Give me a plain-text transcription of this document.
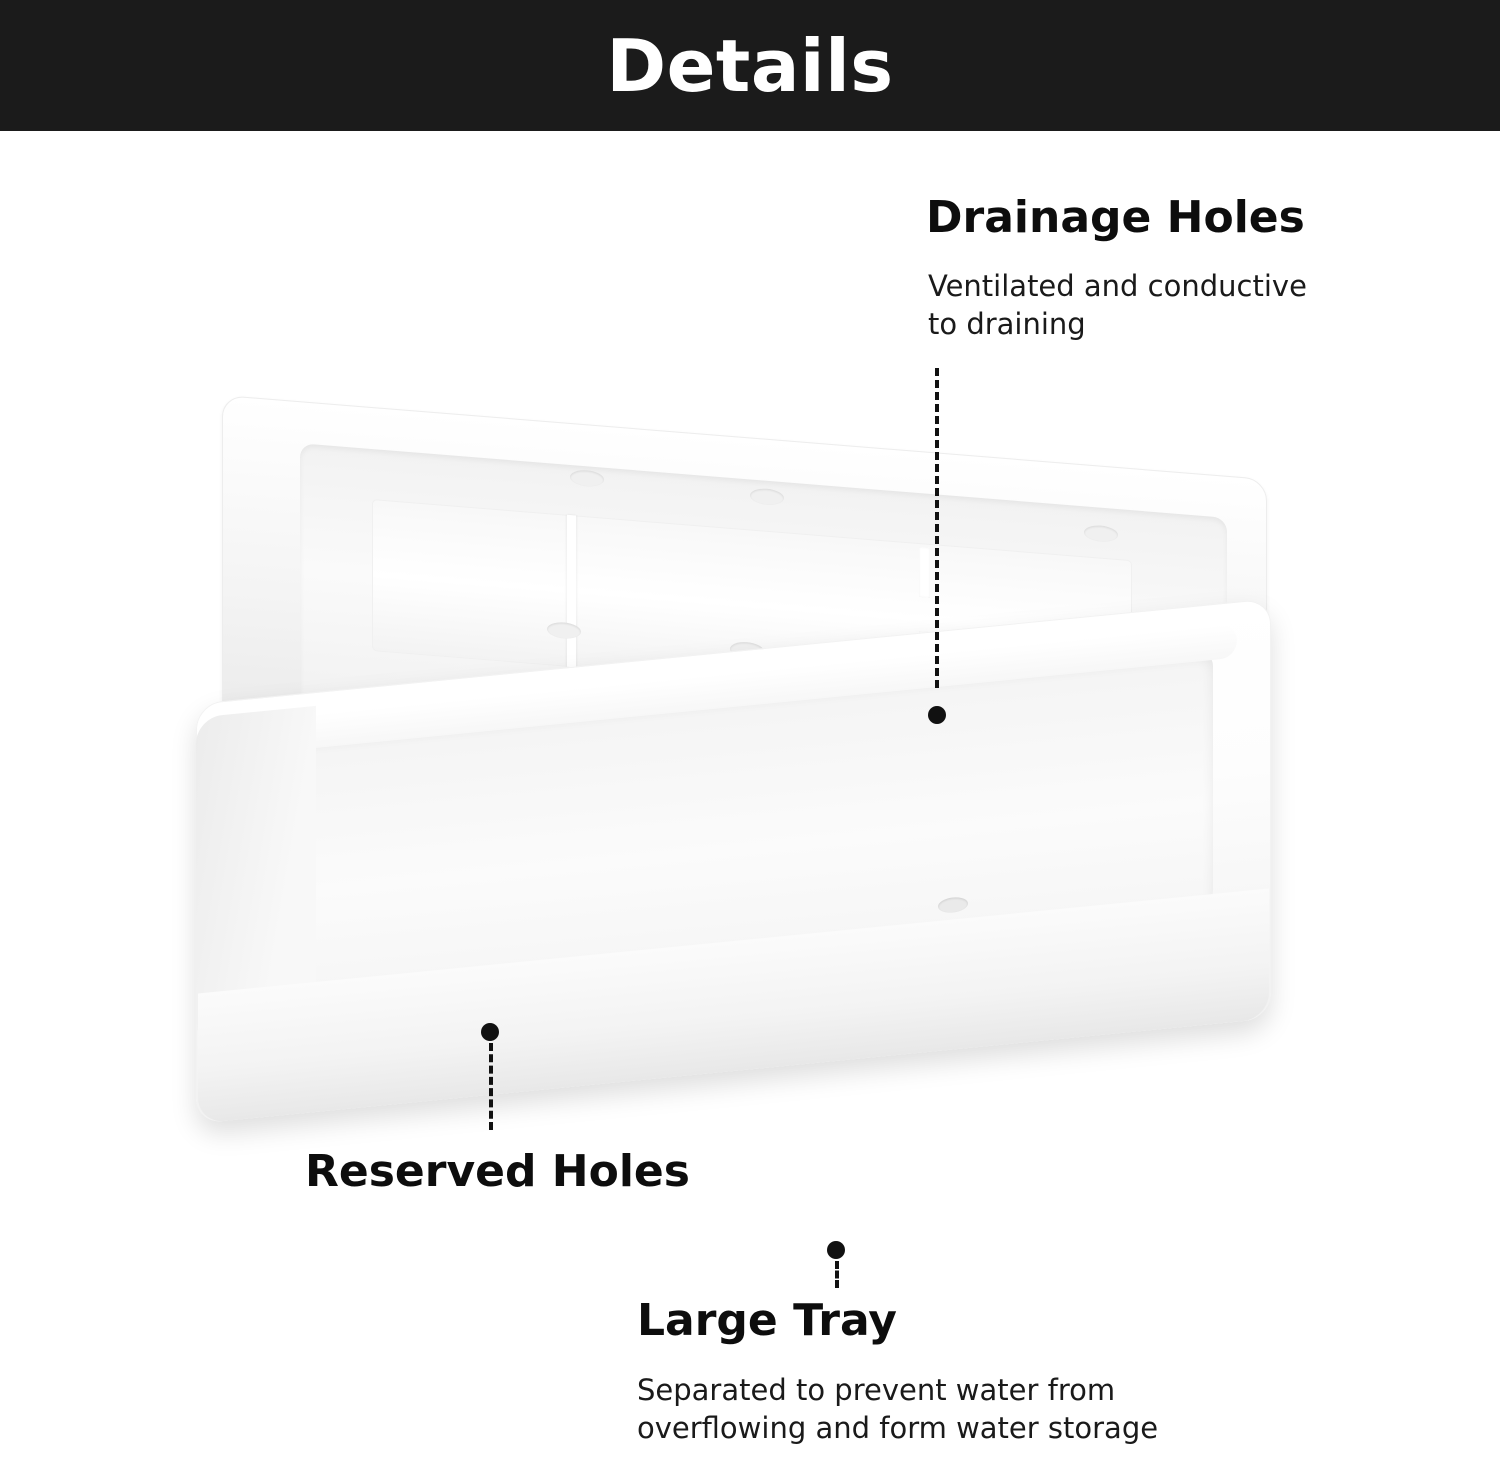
Details
Drainage Holes
Ventilated and conductive to draining
Reserved Holes
Large Tray
Separated to prevent water from overflowing and form water storage
